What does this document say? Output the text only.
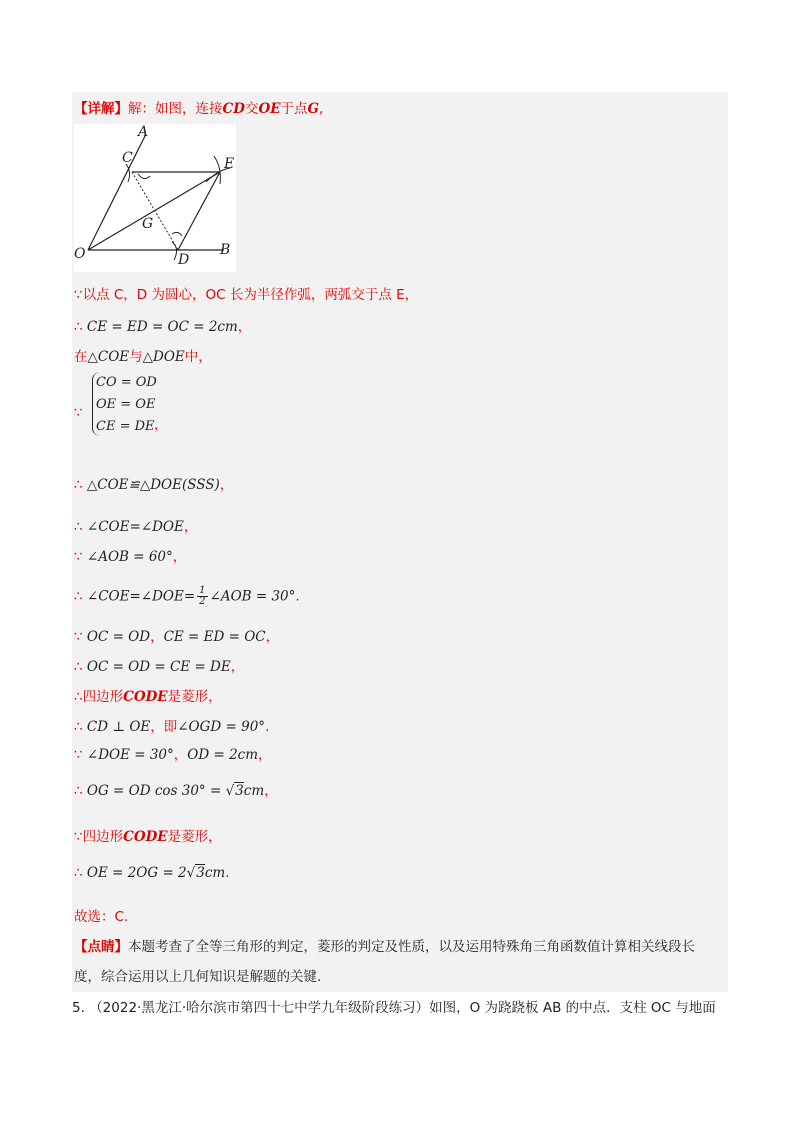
【详解】解：如图，连接CD交OE于点G,
A
C	E
G
O	D
B
∵以点 C，D 为圆心，OC 长为半径作弧，两弧交于点 E，
∴ CE = ED = OC = 2cm，
在△COE与△DOE中，
CO = OD
OE = OE
CE = DE
∵
，
∴ △COE≌△DOE(SSS)，
∴ ∠COE=∠DOE，
∵ ∠AOB = 60°，
∴ ∠COE=∠DOE= $\frac{1}{2}$ ∠AOB = 30°.
∵ OC = OD，CE = ED = OC，
∴ OC = OD = CE = DE，
∴四边形CODE是菱形，
∴ CD ⊥ OE，即∠OGD = 90°.
∵ ∠DOE = 30°，OD = 2cm，
∴ OG = OD cos 30° = √3cm，
∵四边形CODE是菱形，
∴ OE = 2OG = 2√3cm.
故选：C.
【点睛】本题考查了全等三角形的判定，菱形的判定及性质，以及运用特殊角三角函数值计算相关线段长
度，综合运用以上几何知识是解题的关键.
5. （2022·黑龙江·哈尔滨市第四十七中学九年级阶段练习）如图，O 为跷跷板 AB 的中点．支柱 OC 与地面
